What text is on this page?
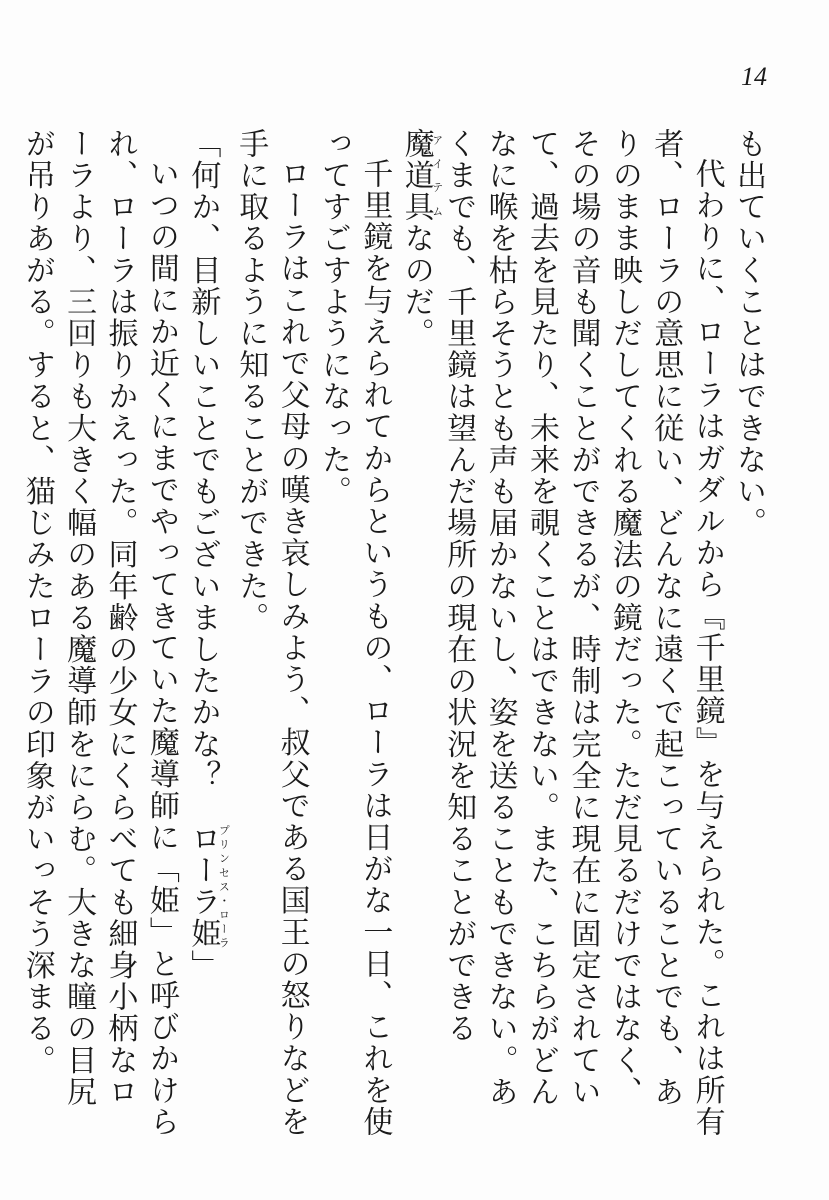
14

も出ていくことはできない。

代わりに、ローラはガダルから『千里鏡』を与えられた。これは所有者、ローラの意思に従い、どんなに遠くで起こっていることでも、ありのまま映しだしてくれる魔法の鏡だった。ただ見るだけではなく、その場の音も聞くことができるが、時制は完全に現在に固定されていて、過去を見たり、未来を覗くことはできない。また、こちらがどんなに喉を枯らそうとも声も届かないし、姿を送ることもできない。あくまでも、千里鏡は望んだ場所の現在の状況を知ることができる魔道具アイテムなのだ。

千里鏡を与えられてからというもの、ローラは日がな一日、これを使ってすごすようになった。

ローラはこれで父母の嘆き哀しみよう、叔父である国王の怒りなどを手に取るように知ることができた。

「何か、目新しいことでもございましたかな？　ローラ姫プリンセス・ローラ」

いつの間にか近くにまでやってきていた魔導師に「姫」と呼びかけられ、ローラは振りかえった。同年齢の少女にくらべても細身小柄なローラより、三回りも大きく幅のある魔導師をにらむ。大きな瞳の目尻が吊りあがる。すると、猫じみたローラの印象がいっそう深まる。
